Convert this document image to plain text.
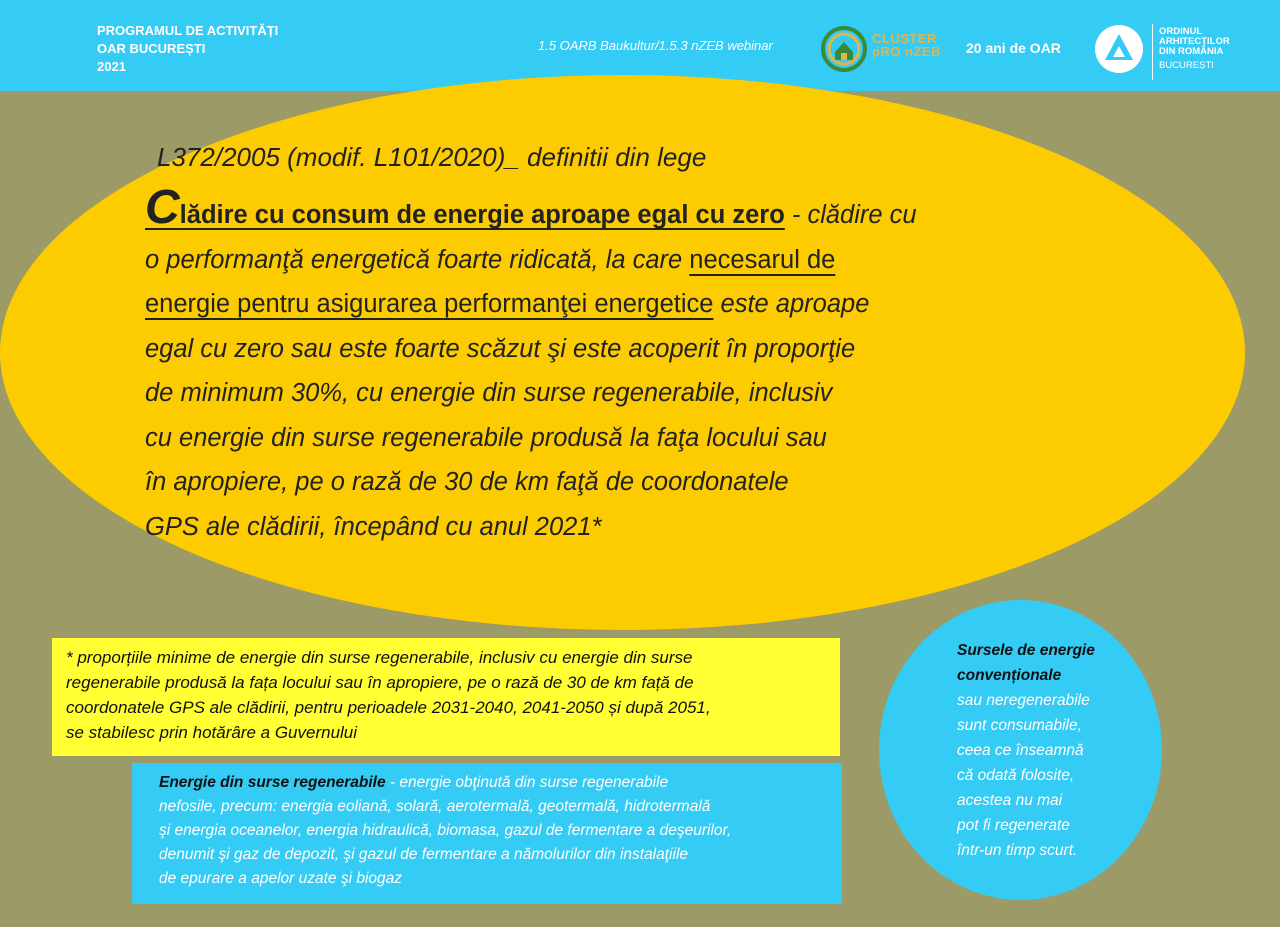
PROGRAMUL DE ACTIVITĂȚI
OAR BUCUREȘTI
2021
1.5 OARB Baukultur/1.5.3 nZEB webinar	CLUSTER
pRO nZEB 20 ani de OAR
ORDINUL
ARHITECȚILOR
DIN ROMÂNIA
BUCUREȘTI
L372/2005 (modif. L101/2020)_ definitii din lege
Clădire cu consum de energie aproape egal cu zero - clădire cu
o performanţă energetică foarte ridicată, la care necesarul de
energie pentru asigurarea performanţei energetice este aproape
egal cu zero sau este foarte scăzut şi este acoperit în proporţie
de minimum 30%, cu energie din surse regenerabile, inclusiv
cu energie din surse regenerabile produsă la faţa locului sau
în apropiere, pe o rază de 30 de km faţă de coordonatele
GPS ale clădirii, începând cu anul 2021*
* proporțiile minime de energie din surse regenerabile, inclusiv cu energie din surse
regenerabile produsă la fața locului sau în apropiere, pe o rază de 30 de km față de
coordonatele GPS ale clădirii, pentru perioadele 2031-2040, 2041-2050 și după 2051,
se stabilesc prin hotărâre a Guvernului
Energie din surse regenerabile - energie obţinută din surse regenerabile
nefosile, precum: energia eoliană, solară, aerotermală, geotermală, hidrotermală
şi energia oceanelor, energia hidraulică, biomasa, gazul de fermentare a deşeurilor,
denumit şi gaz de depozit, şi gazul de fermentare a nămolurilor din instalaţiile
de epurare a apelor uzate şi biogaz
Sursele de energie
convenționale
sau neregenerabile
sunt consumabile,
ceea ce înseamnă
că odată folosite,
acestea nu mai
pot fi regenerate
într-un timp scurt.
